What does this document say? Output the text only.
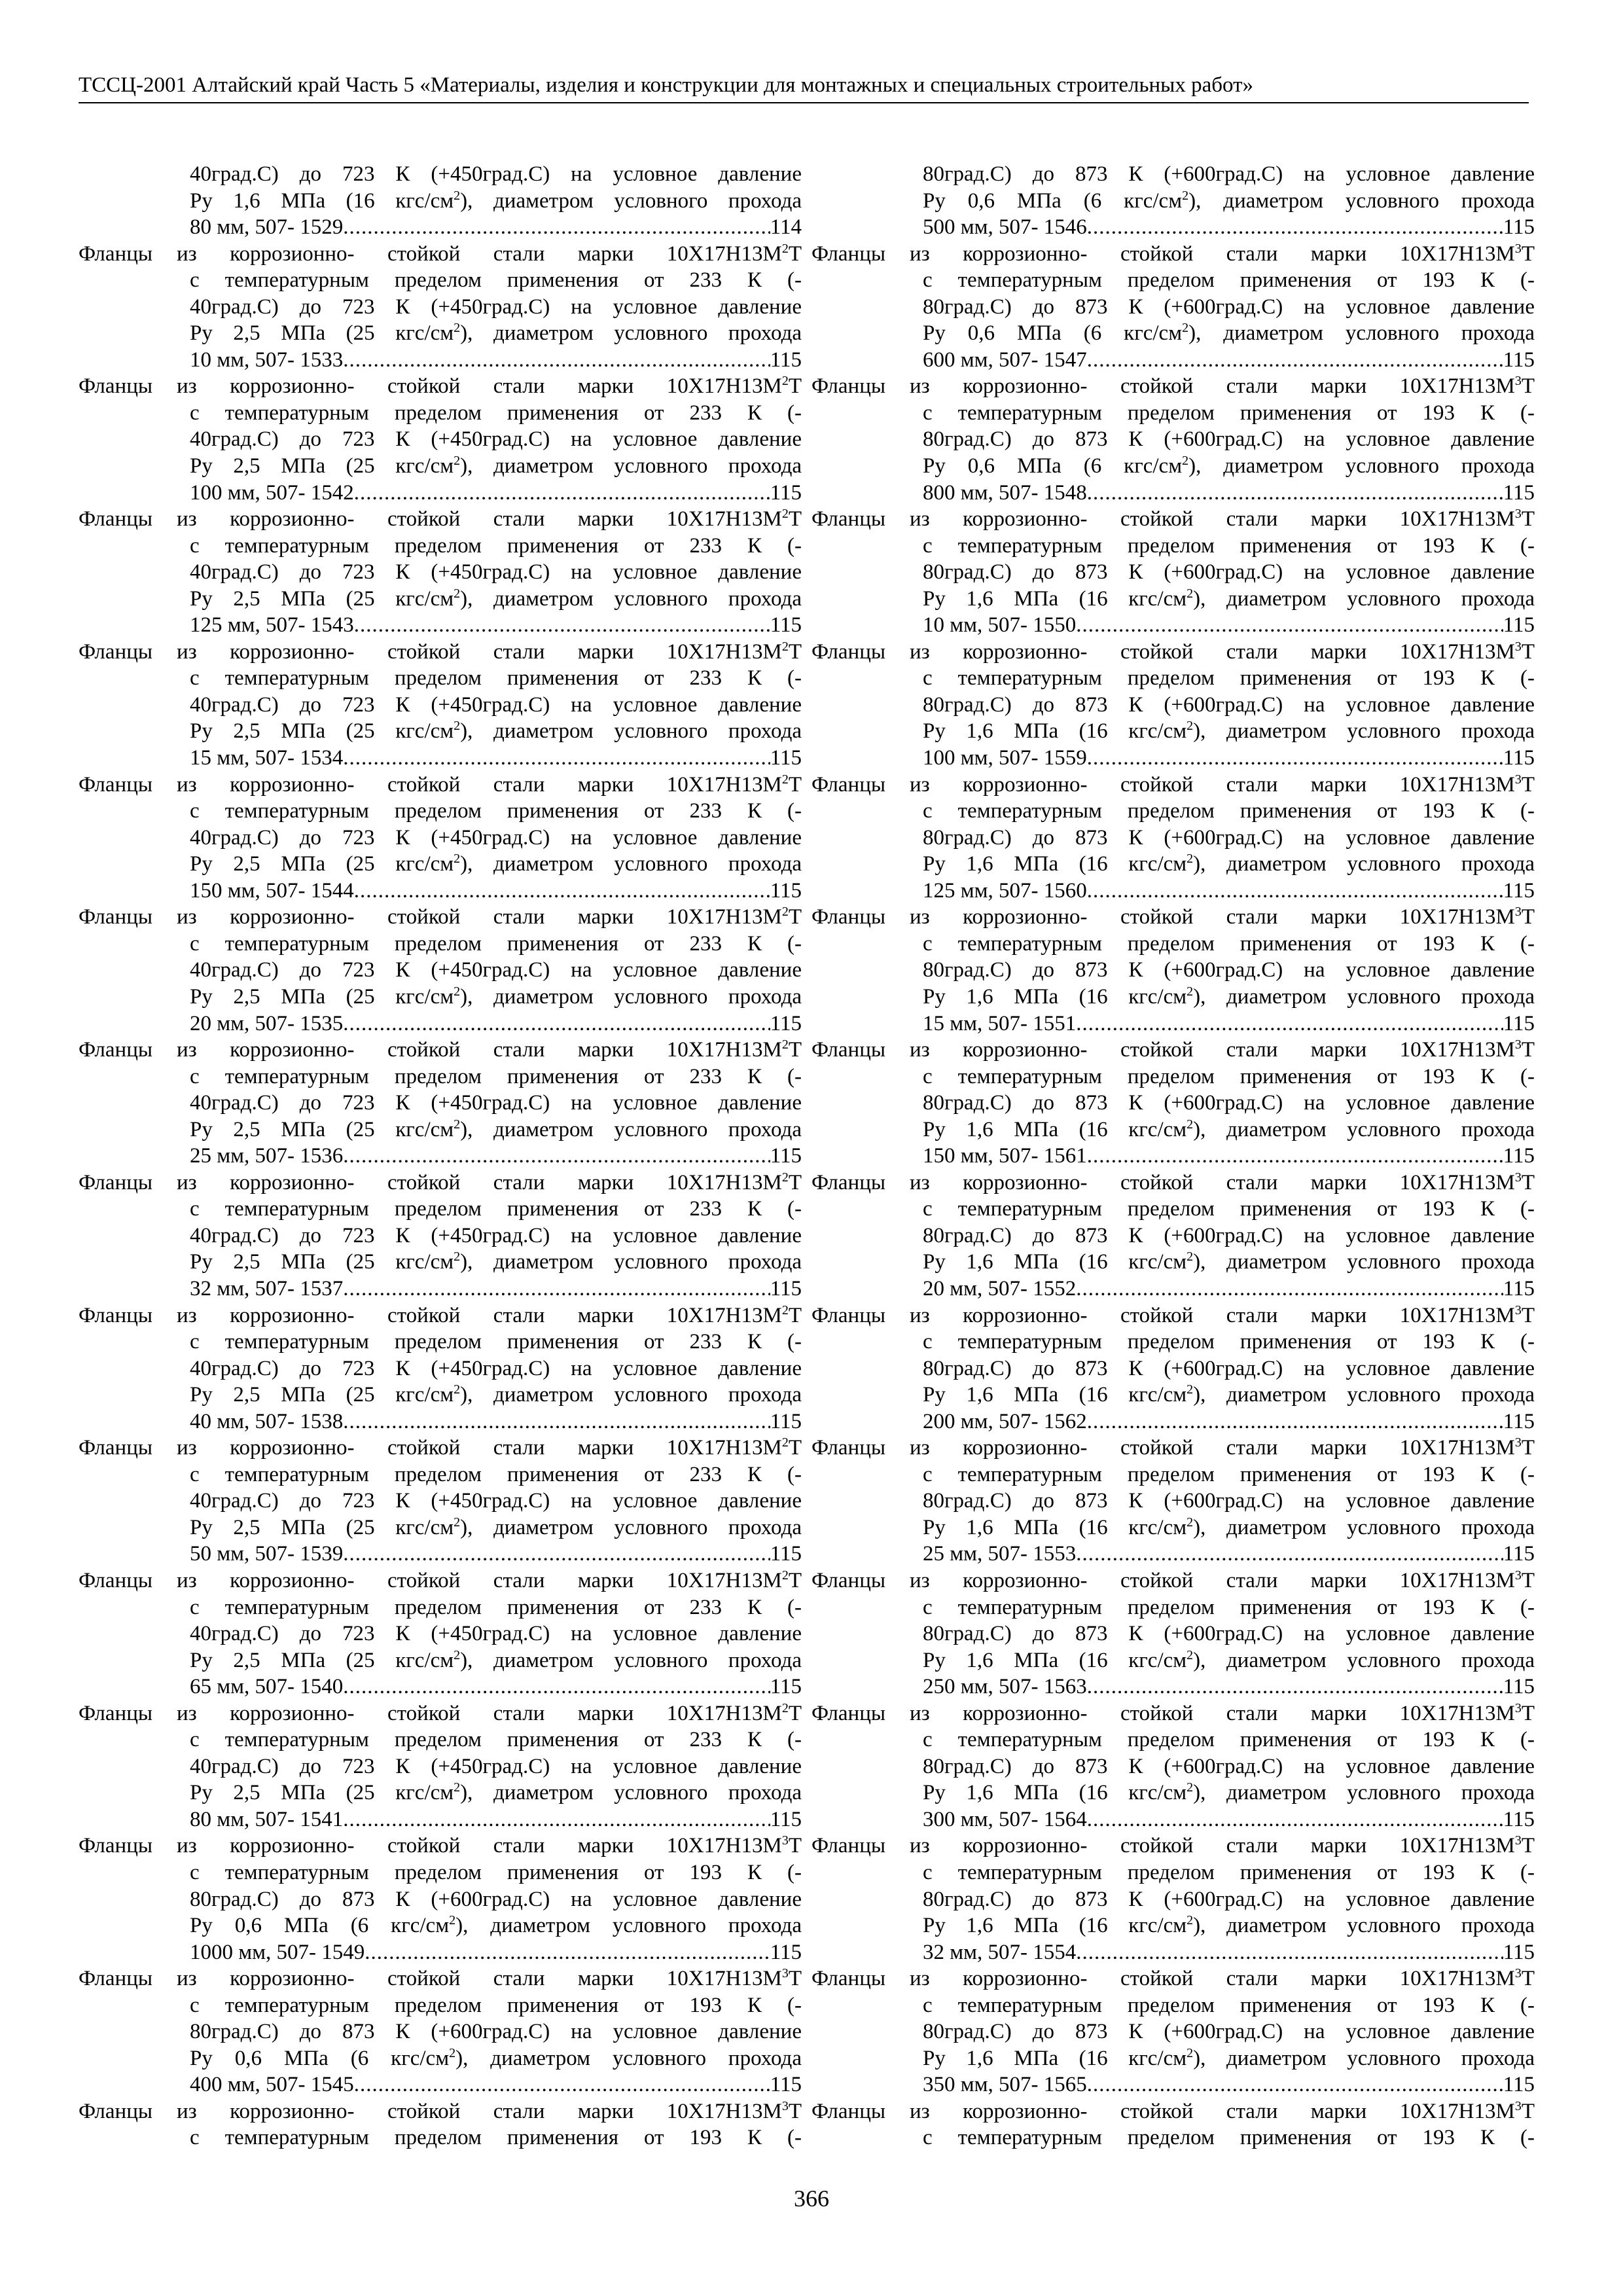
ТССЦ-2001 Алтайский край Часть 5 «Материалы, изделия и конструкции для монтажных и специальных строительных работ»
40град.С) до 723 К (+450град.С) на условное давление
Ру 1,6 МПа (16 кгс/$см^2$), диаметром условного прохода
80 мм, 507- 1529 .....	114
Фланцы	из коррозионно- стойкой стали марки $10Х17Н13М^2Т$
с температурным пределом применения от 233 К (-
40град.С) до 723 К (+450град.С) на условное давление
Ру 2,5 МПа (25 кгс/$см^2$), диаметром условного прохода
10 мм, 507- 1533 .....	115
Фланцы	из коррозионно- стойкой стали марки $10Х17Н13М^2Т$
с температурным пределом применения от 233 К (-
40град.С) до 723 К (+450град.С) на условное давление
Ру 2,5 МПа (25 кгс/$см^2$), диаметром условного прохода
100 мм, 507- 1542 .....	115
Фланцы	из коррозионно- стойкой стали марки $10Х17Н13М^2Т$
с температурным пределом применения от 233 К (-
40град.С) до 723 К (+450град.С) на условное давление
Ру 2,5 МПа (25 кгс/$см^2$), диаметром условного прохода
125 мм, 507- 1543 .....	115
Фланцы	из коррозионно- стойкой стали марки $10Х17Н13М^2Т$
с температурным пределом применения от 233 К (-
40град.С) до 723 К (+450град.С) на условное давление
Ру 2,5 МПа (25 кгс/$см^2$), диаметром условного прохода
15 мм, 507- 1534 .....	115
Фланцы	из коррозионно- стойкой стали марки $10Х17Н13М^2Т$
с температурным пределом применения от 233 К (-
40град.С) до 723 К (+450град.С) на условное давление
Ру 2,5 МПа (25 кгс/$см^2$), диаметром условного прохода
150 мм, 507- 1544 .....	115
Фланцы	из коррозионно- стойкой стали марки $10Х17Н13М^2Т$
с температурным пределом применения от 233 К (-
40град.С) до 723 К (+450град.С) на условное давление
Ру 2,5 МПа (25 кгс/$см^2$), диаметром условного прохода
20 мм, 507- 1535 .....	115
Фланцы	из коррозионно- стойкой стали марки $10Х17Н13М^2Т$
с температурным пределом применения от 233 К (-
40град.С) до 723 К (+450град.С) на условное давление
Ру 2,5 МПа (25 кгс/$см^2$), диаметром условного прохода
25 мм, 507- 1536 .....	115
Фланцы	из коррозионно- стойкой стали марки $10Х17Н13М^2Т$
с температурным пределом применения от 233 К (-
40град.С) до 723 К (+450град.С) на условное давление
Ру 2,5 МПа (25 кгс/$см^2$), диаметром условного прохода
32 мм, 507- 1537 .....	115
Фланцы	из коррозионно- стойкой стали марки $10Х17Н13М^2Т$
с температурным пределом применения от 233 К (-
40град.С) до 723 К (+450град.С) на условное давление
Ру 2,5 МПа (25 кгс/$см^2$), диаметром условного прохода
40 мм, 507- 1538 .....	115
Фланцы	из коррозионно- стойкой стали марки $10Х17Н13М^2Т$
с температурным пределом применения от 233 К (-
40град.С) до 723 К (+450град.С) на условное давление
Ру 2,5 МПа (25 кгс/$см^2$), диаметром условного прохода
50 мм, 507- 1539 .....	115
Фланцы	из коррозионно- стойкой стали марки $10Х17Н13М^2Т$
с температурным пределом применения от 233 К (-
40град.С) до 723 К (+450град.С) на условное давление
Ру 2,5 МПа (25 кгс/$см^2$), диаметром условного прохода
65 мм, 507- 1540 .....	115
Фланцы	из коррозионно- стойкой стали марки $10Х17Н13М^2Т$
с температурным пределом применения от 233 К (-
40град.С) до 723 К (+450град.С) на условное давление
Ру 2,5 МПа (25 кгс/$см^2$), диаметром условного прохода
80 мм, 507- 1541 .....	115
Фланцы	из коррозионно- стойкой стали марки $10Х17Н13М^3Т$
с температурным пределом применения от 193 К (-
80град.С) до 873 К (+600град.С) на условное давление
Ру 0,6 МПа (6 кгс/$см^2$), диаметром условного прохода
1000 мм, 507- 1549 .....	115
Фланцы	из коррозионно- стойкой стали марки $10Х17Н13М^3Т$
с температурным пределом применения от 193 К (-
80град.С) до 873 К (+600град.С) на условное давление
Ру 0,6 МПа (6 кгс/$см^2$), диаметром условного прохода
400 мм, 507- 1545 .....	115
Фланцы	из коррозионно- стойкой стали марки $10Х17Н13М^3Т$
с температурным пределом применения от 193 К (-
80град.С) до 873 К (+600град.С) на условное давление
Ру 0,6 МПа (6 кгс/$см^2$), диаметром условного прохода
500 мм, 507- 1546 .....	115
Фланцы	из коррозионно- стойкой стали марки $10Х17Н13М^3Т$
с температурным пределом применения от 193 К (-
80град.С) до 873 К (+600град.С) на условное давление
Ру 0,6 МПа (6 кгс/$см^2$), диаметром условного прохода
600 мм, 507- 1547 .....	115
Фланцы	из коррозионно- стойкой стали марки $10Х17Н13М^3Т$
с температурным пределом применения от 193 К (-
80град.С) до 873 К (+600град.С) на условное давление
Ру 0,6 МПа (6 кгс/$см^2$), диаметром условного прохода
800 мм, 507- 1548 .....	115
Фланцы	из коррозионно- стойкой стали марки $10Х17Н13М^3Т$
с температурным пределом применения от 193 К (-
80град.С) до 873 К (+600град.С) на условное давление
Ру 1,6 МПа (16 кгс/$см^2$), диаметром условного прохода
10 мм, 507- 1550 .....	115
Фланцы	из коррозионно- стойкой стали марки $10Х17Н13М^3Т$
с температурным пределом применения от 193 К (-
80град.С) до 873 К (+600град.С) на условное давление
Ру 1,6 МПа (16 кгс/$см^2$), диаметром условного прохода
100 мм, 507- 1559 .....	115
Фланцы	из коррозионно- стойкой стали марки $10Х17Н13М^3Т$
с температурным пределом применения от 193 К (-
80град.С) до 873 К (+600град.С) на условное давление
Ру 1,6 МПа (16 кгс/$см^2$), диаметром условного прохода
125 мм, 507- 1560 .....	115
Фланцы	из коррозионно- стойкой стали марки $10Х17Н13М^3Т$
с температурным пределом применения от 193 К (-
80град.С) до 873 К (+600град.С) на условное давление
Ру 1,6 МПа (16 кгс/$см^2$), диаметром условного прохода
15 мм, 507- 1551 .....	115
Фланцы	из коррозионно- стойкой стали марки $10Х17Н13М^3Т$
с температурным пределом применения от 193 К (-
80град.С) до 873 К (+600град.С) на условное давление
Ру 1,6 МПа (16 кгс/$см^2$), диаметром условного прохода
150 мм, 507- 1561 .....	115
Фланцы	из коррозионно- стойкой стали марки $10Х17Н13М^3Т$
с температурным пределом применения от 193 К (-
80град.С) до 873 К (+600град.С) на условное давление
Ру 1,6 МПа (16 кгс/$см^2$), диаметром условного прохода
20 мм, 507- 1552 .....	115
Фланцы	из коррозионно- стойкой стали марки $10Х17Н13М^3Т$
с температурным пределом применения от 193 К (-
80град.С) до 873 К (+600град.С) на условное давление
Ру 1,6 МПа (16 кгс/$см^2$), диаметром условного прохода
200 мм, 507- 1562 .....	115
Фланцы	из коррозионно- стойкой стали марки $10Х17Н13М^3Т$
с температурным пределом применения от 193 К (-
80град.С) до 873 К (+600град.С) на условное давление
Ру 1,6 МПа (16 кгс/$см^2$), диаметром условного прохода
25 мм, 507- 1553 .....	115
Фланцы	из коррозионно- стойкой стали марки $10Х17Н13М^3Т$
с температурным пределом применения от 193 К (-
80град.С) до 873 К (+600град.С) на условное давление
Ру 1,6 МПа (16 кгс/$см^2$), диаметром условного прохода
250 мм, 507- 1563 .....	115
Фланцы	из коррозионно- стойкой стали марки $10Х17Н13М^3Т$
с температурным пределом применения от 193 К (-
80град.С) до 873 К (+600град.С) на условное давление
Ру 1,6 МПа (16 кгс/$см^2$), диаметром условного прохода
300 мм, 507- 1564 .....	115
Фланцы	из коррозионно- стойкой стали марки $10Х17Н13М^3Т$
с температурным пределом применения от 193 К (-
80град.С) до 873 К (+600град.С) на условное давление
Ру 1,6 МПа (16 кгс/$см^2$), диаметром условного прохода
32 мм, 507- 1554 .....	115
Фланцы	из коррозионно- стойкой стали марки $10Х17Н13М^3Т$
с температурным пределом применения от 193 К (-
80град.С) до 873 К (+600град.С) на условное давление
Ру 1,6 МПа (16 кгс/$см^2$), диаметром условного прохода
350 мм, 507- 1565 .....	115
Фланцы	из коррозионно- стойкой стали марки $10Х17Н13М^3Т$
с температурным пределом применения от 193 К (-
366
